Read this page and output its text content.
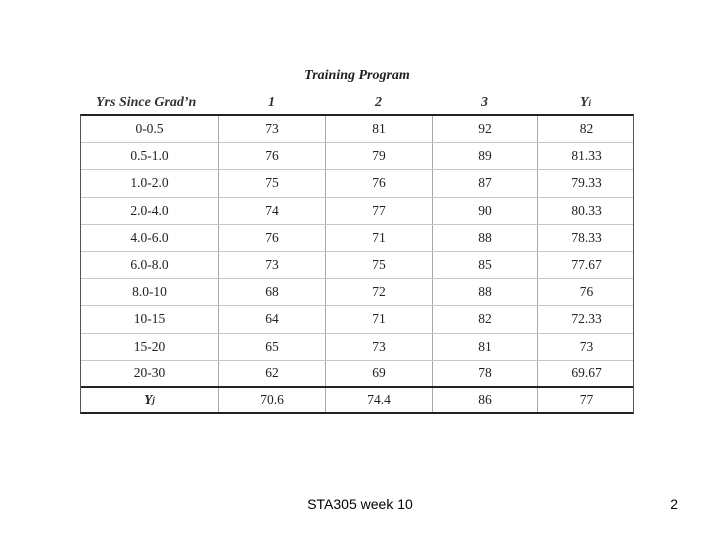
Training Program
Yrs Since Grad’n	1	2	3	Y i
0-0.5	73	81	92	82
0.5-1.0	76	79	89	81.33
1.0-2.0	75	76	87	79.33
2.0-4.0	74	77	90	80.33
4.0-6.0	76	71	88	78.33
6.0-8.0	73	75	85	77.67
8.0-10	68	72	88	76
10-15	64	71	82	72.33
15-20	65	73	81	73
20-30	62	69	78	69.67
Y j	70.6	74.4	86	77
STA305 week 10	2
